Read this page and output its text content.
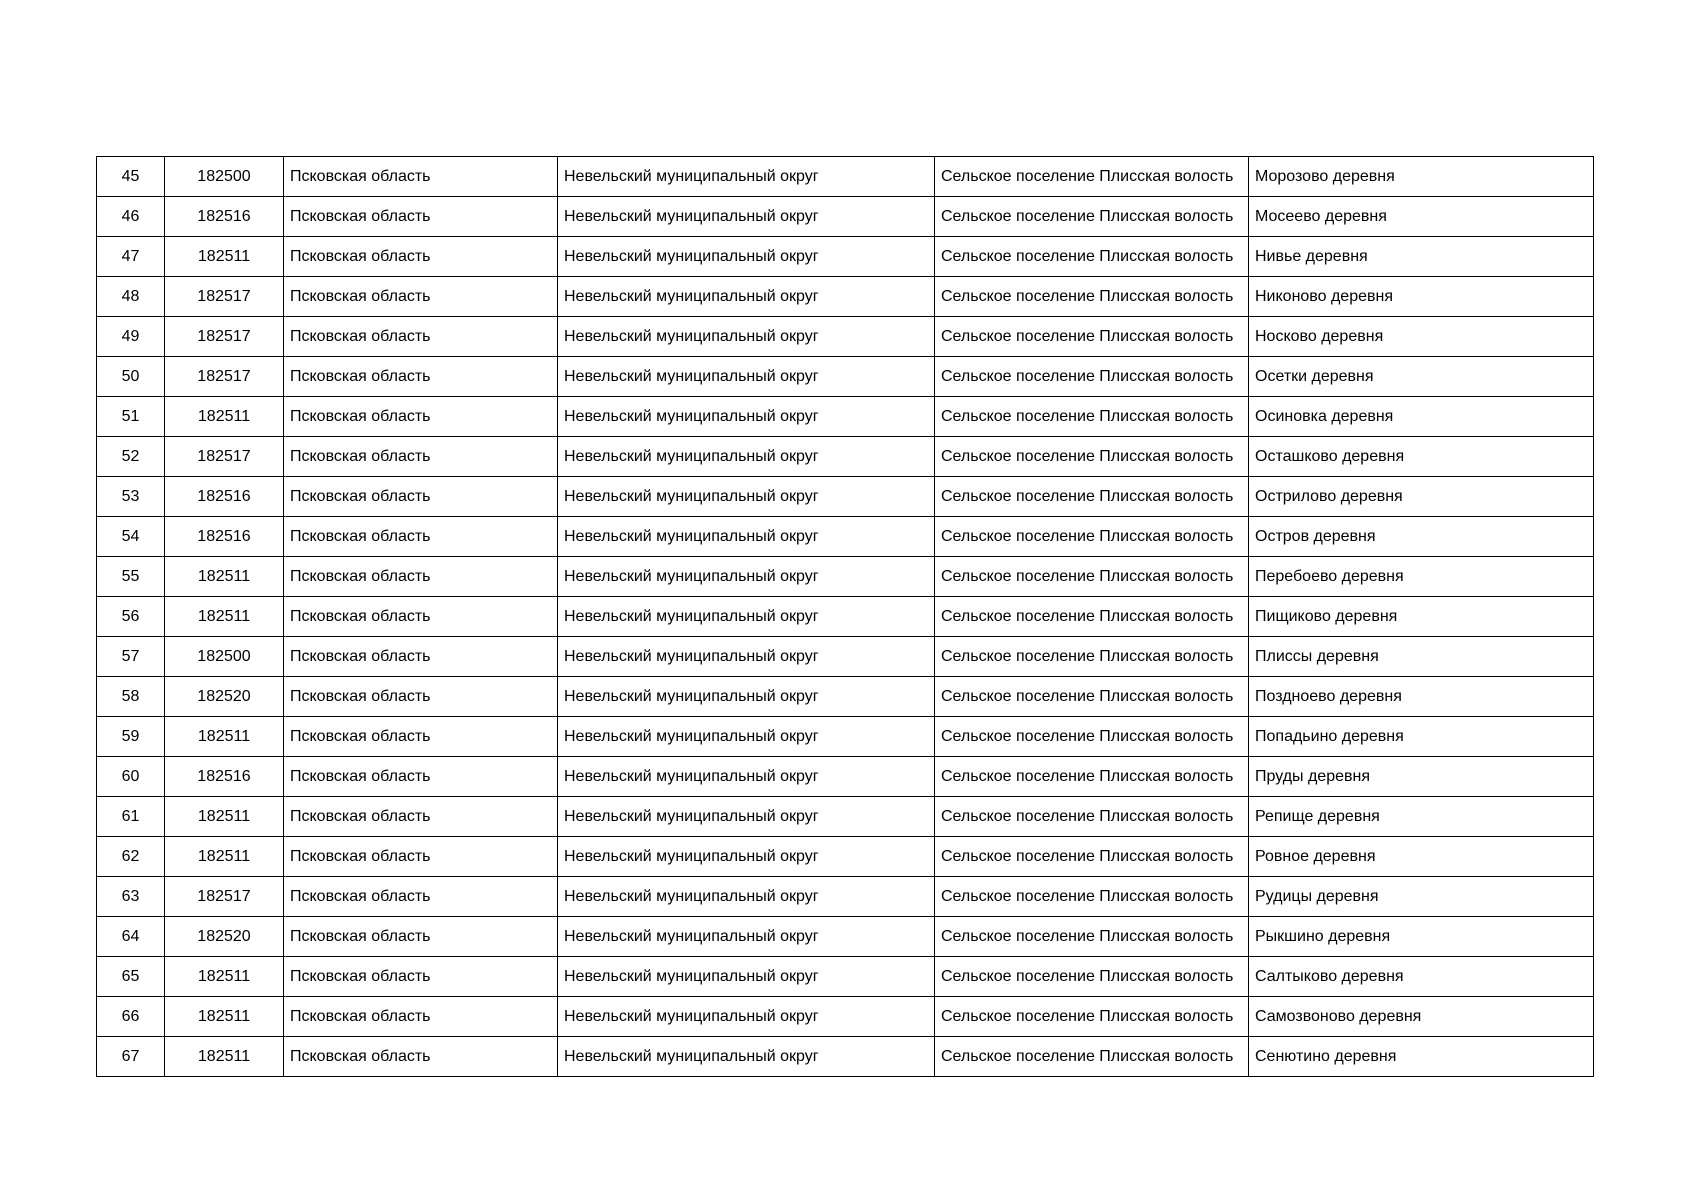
45	182500	Псковская область	Невельский муниципальный округ	Сельское поселение Плисская волость	Морозово деревня
46	182516	Псковская область	Невельский муниципальный округ	Сельское поселение Плисская волость	Мосеево деревня
47	182511	Псковская область	Невельский муниципальный округ	Сельское поселение Плисская волость	Нивье деревня
48	182517	Псковская область	Невельский муниципальный округ	Сельское поселение Плисская волость	Никоново деревня
49	182517	Псковская область	Невельский муниципальный округ	Сельское поселение Плисская волость	Носково деревня
50	182517	Псковская область	Невельский муниципальный округ	Сельское поселение Плисская волость	Осетки деревня
51	182511	Псковская область	Невельский муниципальный округ	Сельское поселение Плисская волость	Осиновка деревня
52	182517	Псковская область	Невельский муниципальный округ	Сельское поселение Плисская волость	Осташково деревня
53	182516	Псковская область	Невельский муниципальный округ	Сельское поселение Плисская волость	Острилово деревня
54	182516	Псковская область	Невельский муниципальный округ	Сельское поселение Плисская волость	Остров деревня
55	182511	Псковская область	Невельский муниципальный округ	Сельское поселение Плисская волость	Перебоево деревня
56	182511	Псковская область	Невельский муниципальный округ	Сельское поселение Плисская волость	Пищиково деревня
57	182500	Псковская область	Невельский муниципальный округ	Сельское поселение Плисская волость	Плиссы деревня
58	182520	Псковская область	Невельский муниципальный округ	Сельское поселение Плисская волость	Поздноево деревня
59	182511	Псковская область	Невельский муниципальный округ	Сельское поселение Плисская волость	Попадьино деревня
60	182516	Псковская область	Невельский муниципальный округ	Сельское поселение Плисская волость	Пруды деревня
61	182511	Псковская область	Невельский муниципальный округ	Сельское поселение Плисская волость	Репище деревня
62	182511	Псковская область	Невельский муниципальный округ	Сельское поселение Плисская волость	Ровное деревня
63	182517	Псковская область	Невельский муниципальный округ	Сельское поселение Плисская волость	Рудицы деревня
64	182520	Псковская область	Невельский муниципальный округ	Сельское поселение Плисская волость	Рыкшино деревня
65	182511	Псковская область	Невельский муниципальный округ	Сельское поселение Плисская волость	Салтыково деревня
66	182511	Псковская область	Невельский муниципальный округ	Сельское поселение Плисская волость	Самозвоново деревня
67	182511	Псковская область	Невельский муниципальный округ	Сельское поселение Плисская волость	Сенютино деревня
